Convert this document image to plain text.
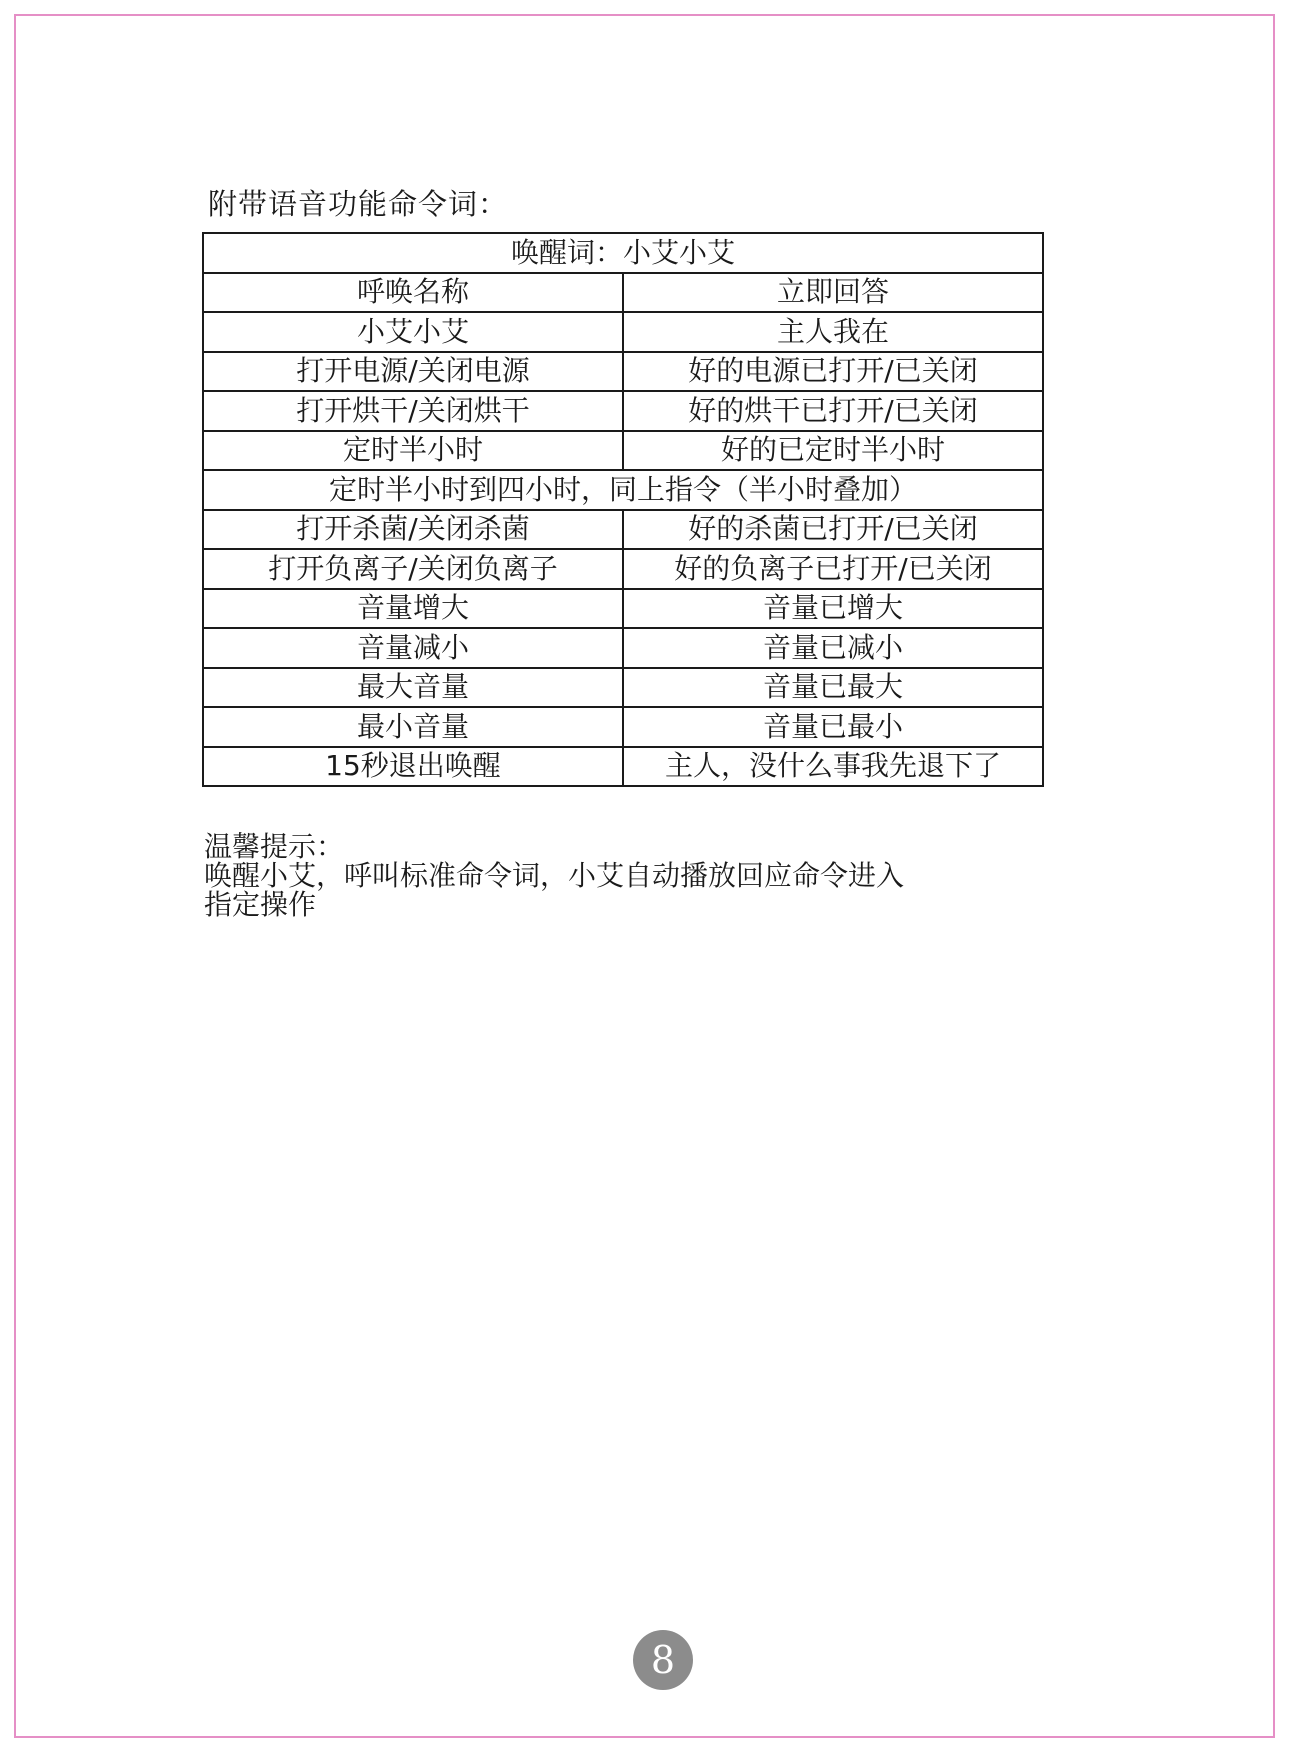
附带语音功能命令词：
唤醒词：小艾小艾	
呼唤名称	立即回答
小艾小艾	主人我在
打开电源/关闭电源	好的电源已打开/已关闭
打开烘干/关闭烘干	好的烘干已打开/已关闭
定时半小时	好的已定时半小时
定时半小时到四小时，同上指令（半小时叠加）	
打开杀菌/关闭杀菌	好的杀菌已打开/已关闭
打开负离子/关闭负离子	好的负离子已打开/已关闭
音量增大	音量已增大
音量减小	音量已减小
最大音量	音量已最大
最小音量	音量已最小
15秒退出唤醒	主人，没什么事我先退下了
温馨提示：
唤醒小艾，呼叫标准命令词，小艾自动播放回应命令进入
指定操作
8
